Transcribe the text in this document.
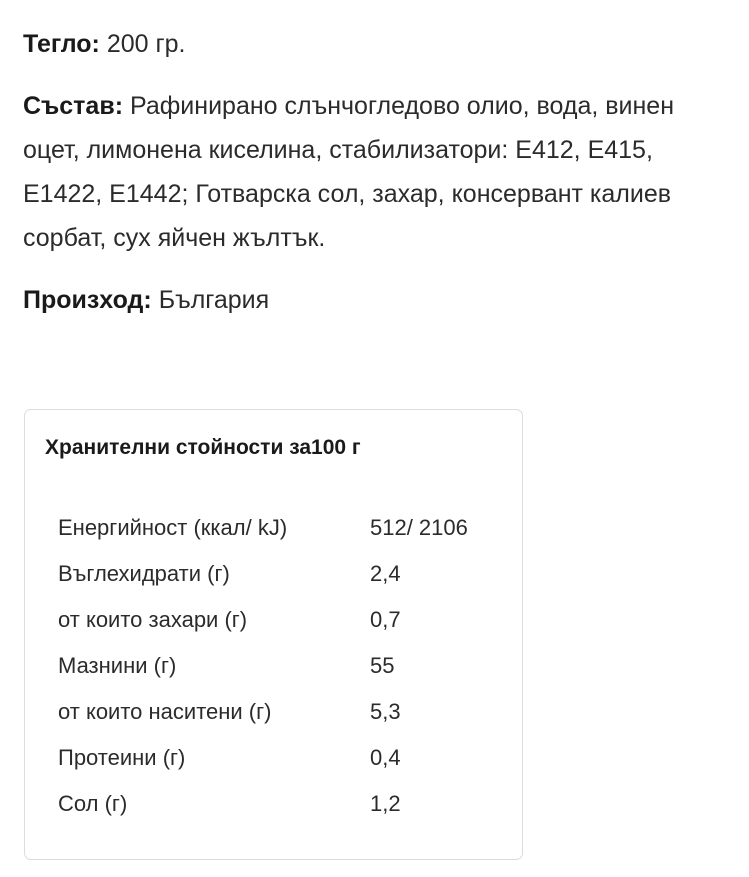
Тегло: 200 гр.

Състав: Рафинирано слънчогледово олио, вода, винен оцет, лимонена киселина, стабилизатори: Е412, Е415, Е1422, Е1442; Готварска сол, захар, консервант калиев сорбат, сух яйчен жълтък.

Произход: България

Хранителни стойности за100 г
Енергийност (ккал/ kJ)	512/ 2106
Въглехидрати (г)	2,4
от които захари (г)	0,7
Мазнини (г)	55
от които наситени (г)	5,3
Протеини (г)	0,4
Сол (г)	1,2
